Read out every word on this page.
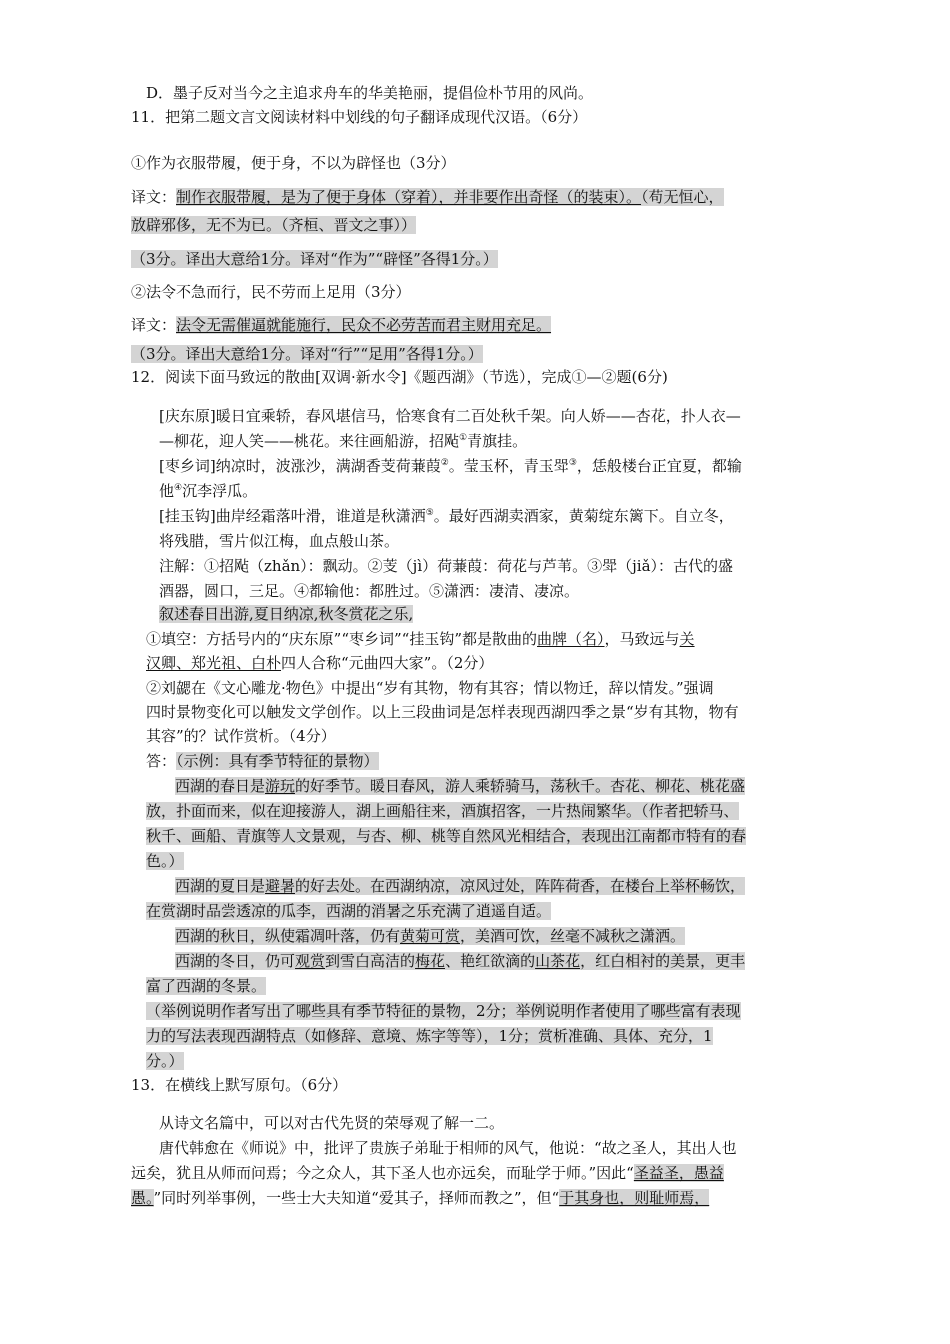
D．墨子反对当今之主追求舟车的华美艳丽，提倡俭朴节用的风尚。
11．把第二题文言文阅读材料中划线的句子翻译成现代汉语。（6分）
①作为衣服带履，便于身，不以为辟怪也（3分）
译文：制作衣服带履，是为了便于身体（穿着），并非要作出奇怪（的装束）。（苟无恒心，
放辟邪侈，无不为已。（齐桓、晋文之事））
（3分。译出大意给1分。译对“作为”“辟怪”各得1分。）
②法令不急而行，民不劳而上足用（3分）
译文：法令无需催逼就能施行，民众不必劳苦而君主财用充足。
（3分。译出大意给1分。译对“行”“足用”各得1分。）
12．阅读下面马致远的散曲[双调·新水令]《题西湖》（节选），完成①—②题(6分)
[庆东原]暖日宜乘轿，春风堪信马，恰寒食有二百处秋千架。向人娇——杏花，扑人衣—
—柳花，迎人笑——桃花。来往画船游，招飐①青旗挂。
[枣乡词]纳凉时，波涨沙，满湖香芰荷蒹葭②。莹玉杯，青玉斝③，恁般楼台正宜夏，都输
他④沉李浮瓜。
[挂玉钩]曲岸经霜落叶滑，谁道是秋潇洒⑤。最好西湖卖酒家，黄菊绽东篱下。自立冬，
将残腊，雪片似江梅，血点般山茶。
注解：①招飐（zhǎn）：飘动。②芰（jì）荷蒹葭：荷花与芦苇。③斝（jiǎ）：古代的盛
酒器，圆口，三足。④都输他：都胜过。⑤潇洒：凄清、凄凉。
叙述春日出游,夏日纳凉,秋冬赏花之乐,
①填空：方括号内的“庆东原”“枣乡词”“挂玉钩”都是散曲的曲牌（名），马致远与关
汉卿、郑光祖、白朴四人合称“元曲四大家”。（2分）
②刘勰在《文心雕龙·物色》中提出“岁有其物，物有其容；情以物迁，辞以情发。”强调
四时景物变化可以触发文学创作。以上三段曲词是怎样表现西湖四季之景“岁有其物，物有
其容”的？试作赏析。（4分）
答：（示例：具有季节特征的景物）
西湖的春日是游玩的好季节。暖日春风，游人乘轿骑马，荡秋千。杏花、柳花、桃花盛
放，扑面而来，似在迎接游人，湖上画船往来，酒旗招客，一片热闹繁华。（作者把轿马、
秋千、画船、青旗等人文景观，与杏、柳、桃等自然风光相结合，表现出江南都市特有的春
色。）
西湖的夏日是避暑的好去处。在西湖纳凉，凉风过处，阵阵荷香，在楼台上举杯畅饮，
在赏湖时品尝透凉的瓜李，西湖的消暑之乐充满了逍遥自适。
西湖的秋日，纵使霜凋叶落，仍有黄菊可赏，美酒可饮，丝毫不减秋之潇洒。
西湖的冬日，仍可观赏到雪白高洁的梅花、艳红欲滴的山茶花，红白相衬的美景，更丰
富了西湖的冬景。
（举例说明作者写出了哪些具有季节特征的景物，2分；举例说明作者使用了哪些富有表现
力的写法表现西湖特点（如修辞、意境、炼字等等），1分；赏析准确、具体、充分，1
分。）
13．在横线上默写原句。（6分）
从诗文名篇中，可以对古代先贤的荣辱观了解一二。
唐代韩愈在《师说》中，批评了贵族子弟耻于相师的风气，他说：“故之圣人，其出人也
远矣，犹且从师而问焉；今之众人，其下圣人也亦远矣，而耻学于师。”因此“圣益圣，愚益
愚。”同时列举事例，一些士大夫知道“爱其子，择师而教之”，但“于其身也，则耻师焉，
